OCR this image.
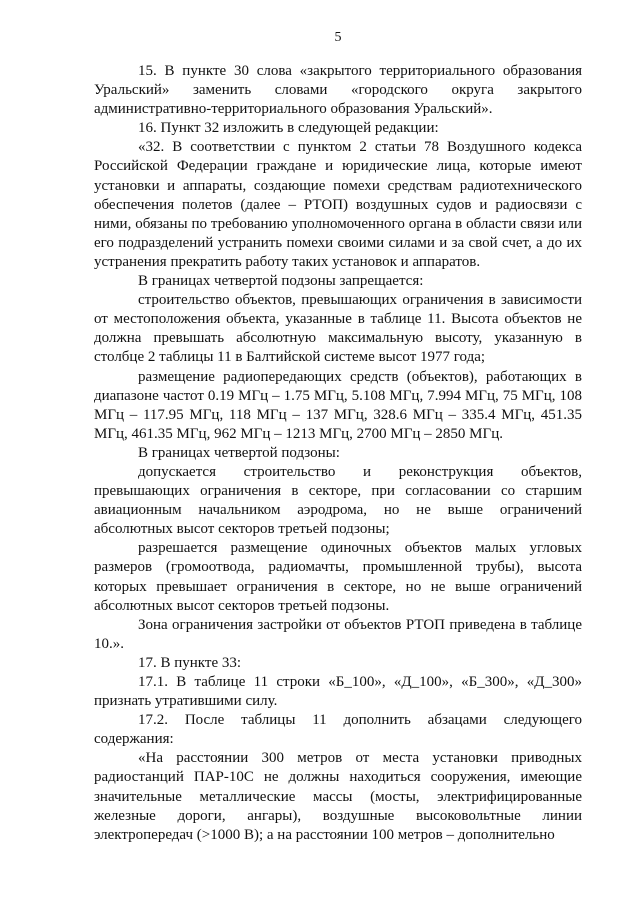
5

15. В пункте 30 слова «закрытого территориального образования Уральский» заменить словами «городского округа закрытого административно-территориального образования Уральский».

16. Пункт 32 изложить в следующей редакции:

«32. В соответствии с пунктом 2 статьи 78 Воздушного кодекса Российской Федерации граждане и юридические лица, которые имеют установки и аппараты, создающие помехи средствам радиотехнического обеспечения полетов (далее – РТОП) воздушных судов и радиосвязи с ними, обязаны по требованию уполномоченного органа в области связи или его подразделений устранить помехи своими силами и за свой счет, а до их устранения прекратить работу таких установок и аппаратов.

В границах четвертой подзоны запрещается:

строительство объектов, превышающих ограничения в зависимости от местоположения объекта, указанные в таблице 11. Высота объектов не должна превышать абсолютную максимальную высоту, указанную в столбце 2 таблицы 11 в Балтийской системе высот 1977 года;

размещение радиопередающих средств (объектов), работающих в диапазоне частот 0.19 МГц – 1.75 МГц, 5.108 МГц, 7.994 МГц, 75 МГц, 108 МГц – 117.95 МГц, 118 МГц – 137 МГц, 328.6 МГц – 335.4 МГц, 451.35 МГц, 461.35 МГц, 962 МГц – 1213 МГц, 2700 МГц – 2850 МГц.

В границах четвертой подзоны:

допускается строительство и реконструкция объектов, превышающих ограничения в секторе, при согласовании со старшим авиационным начальником аэродрома, но не выше ограничений абсолютных высот секторов третьей подзоны;

разрешается размещение одиночных объектов малых угловых размеров (громоотвода, радиомачты, промышленной трубы), высота которых превышает ограничения в секторе, но не выше ограничений абсолютных высот секторов третьей подзоны.

Зона ограничения застройки от объектов РТОП приведена в таблице 10.».

17. В пункте 33:

17.1. В таблице 11 строки «Б_100», «Д_100», «Б_300», «Д_300» признать утратившими силу.

17.2. После таблицы 11 дополнить абзацами следующего содержания:

«На расстоянии 300 метров от места установки приводных радиостанций ПАР-10С не должны находиться сооружения, имеющие значительные металлические массы (мосты, электрифицированные железные дороги, ангары), воздушные высоковольтные линии электропередач (>1000 В); а на расстоянии 100 метров – дополнительно
